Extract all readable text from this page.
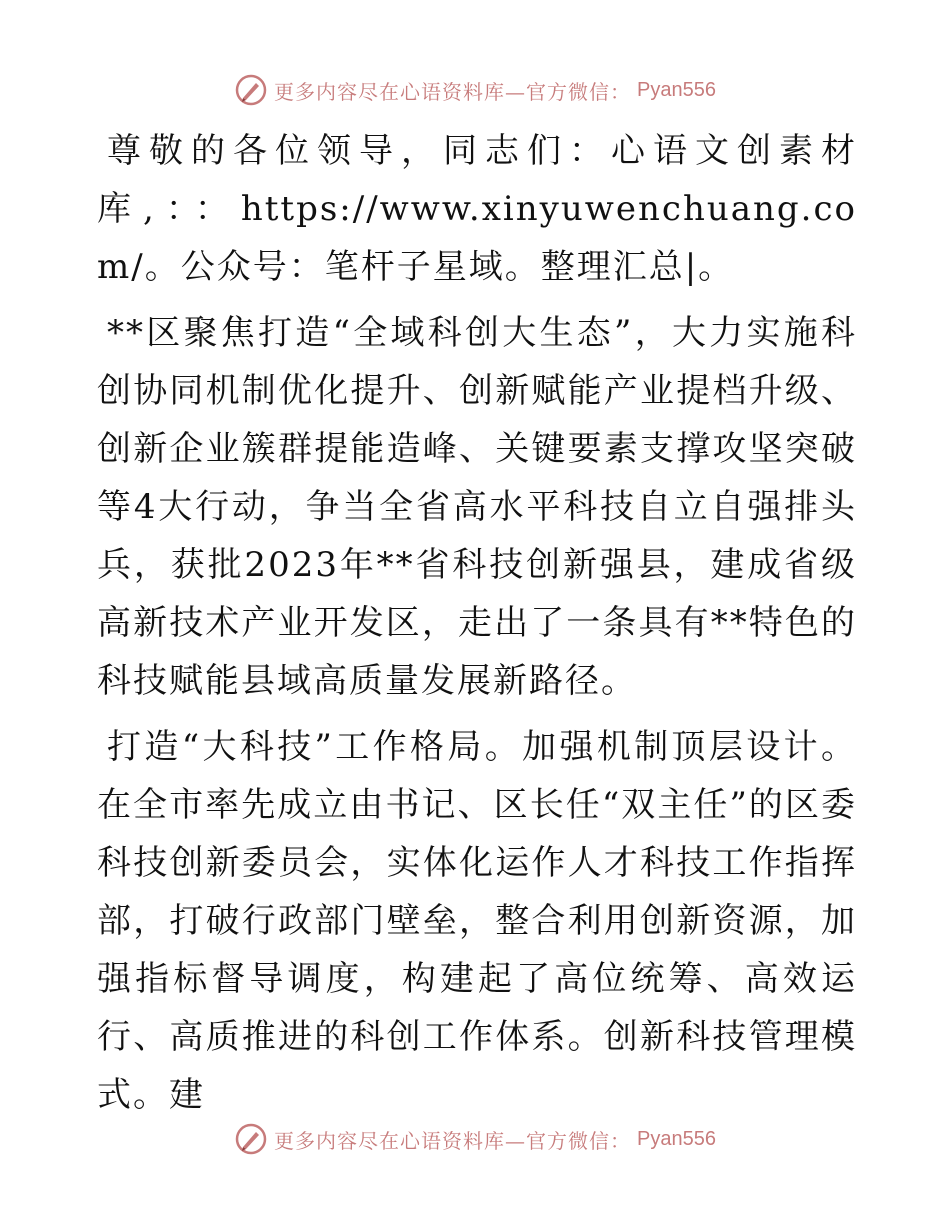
更多内容尽在心语资料库—官方微信： Pyan556

尊敬的各位领导，同志们：心语文创素材库,：：https://www.xinyuwenchuang.com/。公众号：笔杆子星域。整理汇总|。

**区聚焦打造“全域科创大生态”，大力实施科创协同机制优化提升、创新赋能产业提档升级、创新企业簇群提能造峰、关键要素支撑攻坚突破等4大行动，争当全省高水平科技自立自强排头兵，获批2023年**省科技创新强县，建成省级高新技术产业开发区，走出了一条具有**特色的科技赋能县域高质量发展新路径。

打造“大科技”工作格局。加强机制顶层设计。在全市率先成立由书记、区长任“双主任”的区委科技创新委员会，实体化运作人才科技工作指挥部，打破行政部门壁垒，整合利用创新资源，加强指标督导调度，构建起了高位统筹、高效运行、高质推进的科创工作体系。创新科技管理模式。建

更多内容尽在心语资料库—官方微信： Pyan556
